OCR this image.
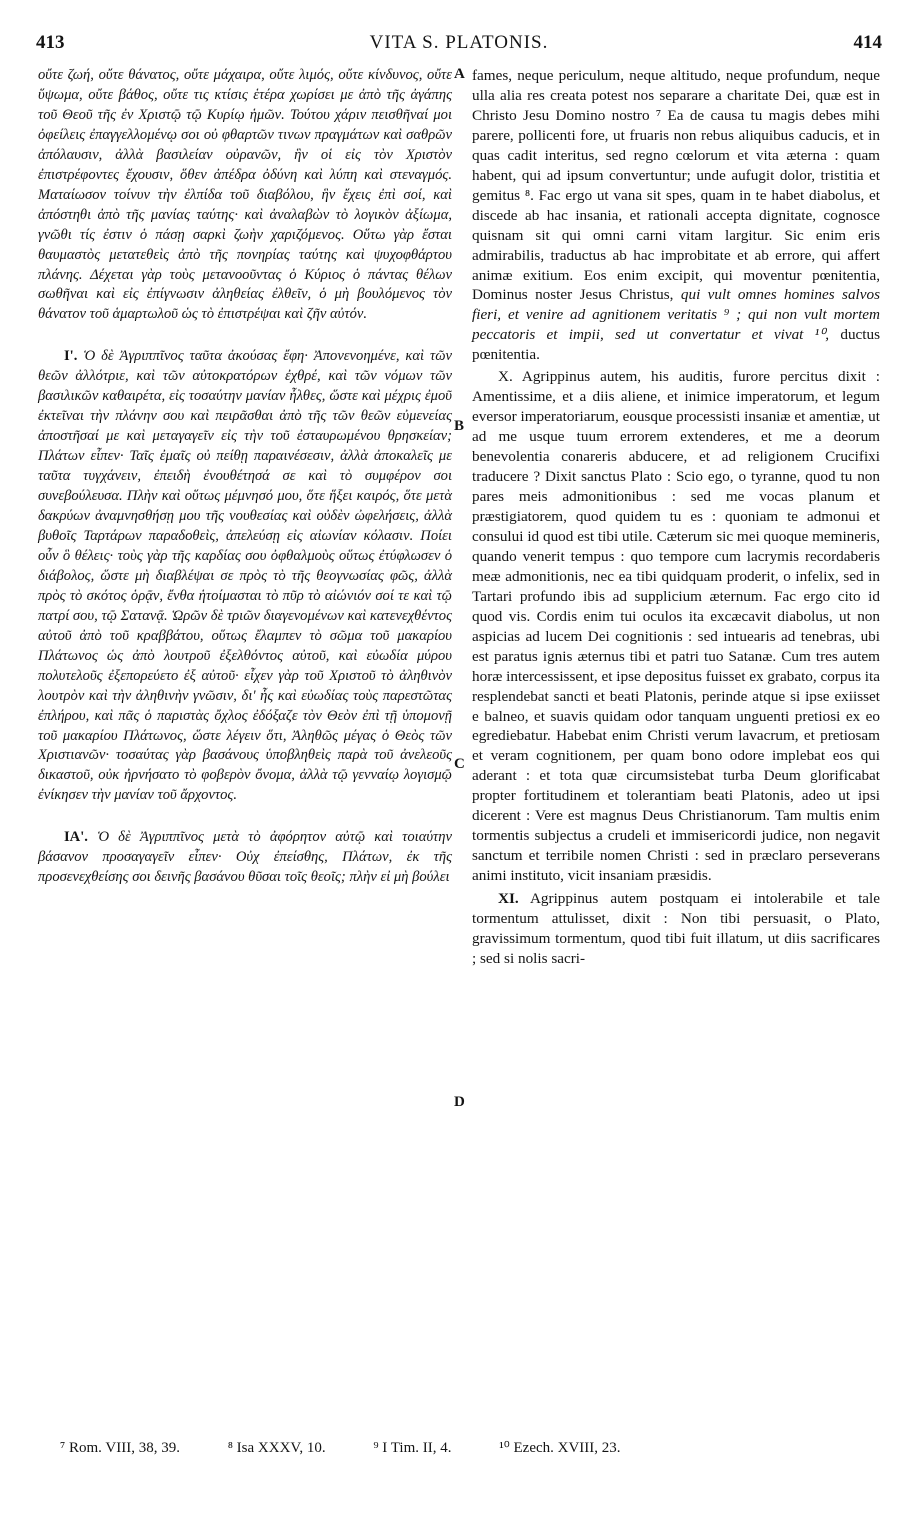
413	VITA S. PLATONIS.	414

οὔτε ζωή, οὔτε θάνατος, οὔτε μάχαιρα, οὔτε λιμός, οὔτε κίνδυνος, οὔτε ὕψωμα, οὔτε βάθος, οὔτε τις κτίσις ἑτέρα χωρίσει με ἀπὸ τῆς ἀγάπης τοῦ Θεοῦ τῆς ἐν Χριστῷ τῷ Κυρίῳ ἡμῶν. Τούτου χάριν πεισθῆναί μοι ὀφείλεις ἐπαγγελλομένῳ σοι οὐ φθαρτῶν τινων πραγμάτων καὶ σαθρῶν ἀπόλαυσιν, ἀλλὰ βασιλείαν οὐρανῶν, ἣν οἱ εἰς τὸν Χριστὸν ἐπιστρέφοντες ἔχουσιν, ὅθεν ἀπέδρα ὀδύνη καὶ λύπη καὶ στεναγμός. Ματαίωσον τοίνυν τὴν ἐλπίδα τοῦ διαβόλου, ἣν ἔχεις ἐπὶ σοί, καὶ ἀπόστηθι ἀπὸ τῆς μανίας ταύτης· καὶ ἀναλαβὼν τὸ λογικὸν ἀξίωμα, γνῶθι τίς ἐστιν ὁ πάσῃ σαρκὶ ζωὴν χαριζόμενος. Οὕτω γὰρ ἔσται θαυμαστὸς μετατεθεὶς ἀπὸ τῆς πονηρίας ταύτης καὶ ψυχοφθάρτου πλάνης. Δέχεται γὰρ τοὺς μετανοοῦντας ὁ Κύριος ὁ πάντας θέλων σωθῆναι καὶ εἰς ἐπίγνωσιν ἀληθείας ἐλθεῖν, ὁ μὴ βουλόμενος τὸν θάνατον τοῦ ἁμαρτωλοῦ ὡς τὸ ἐπιστρέψαι καὶ ζῆν αὐτόν.

Ι'. Ὁ δὲ Ἀγριππῖνος ταῦτα ἀκούσας ἔφη· Ἀπονενοημένε, καὶ τῶν θεῶν ἀλλότριε, καὶ τῶν αὐτοκρατόρων ἐχθρέ, καὶ τῶν νόμων τῶν βασιλικῶν καθαιρέτα, εἰς τοσαύτην μανίαν ἦλθες, ὥστε καὶ μέχρις ἐμοῦ ἐκτεῖναι τὴν πλάνην σου καὶ πειρᾶσθαι ἀπὸ τῆς τῶν θεῶν εὐμενείας ἀποστῆσαί με καὶ μεταγαγεῖν εἰς τὴν τοῦ ἐσταυρωμένου θρησκείαν; Πλάτων εἶπεν· Ταῖς ἐμαῖς οὐ πείθῃ παραινέσεσιν, ἀλλὰ ἀποκαλεῖς με ταῦτα τυγχάνειν, ἐπειδὴ ἐνουθέτησά σε καὶ τὸ συμφέρον σοι συνεβούλευσα. Πλὴν καὶ οὕτως μέμνησό μου, ὅτε ἥξει καιρός, ὅτε μετὰ δακρύων ἀναμνησθήσῃ μου τῆς νουθεσίας καὶ οὐδὲν ὠφελήσεις, ἀλλὰ βυθοῖς Ταρτάρων παραδοθεὶς, ἀπελεύσῃ εἰς αἰωνίαν κόλασιν. Ποίει οὖν ὃ θέλεις· τοὺς γὰρ τῆς καρδίας σου ὀφθαλμοὺς οὕτως ἐτύφλωσεν ὁ διάβολος, ὥστε μὴ διαβλέψαι σε πρὸς τὸ τῆς θεογνωσίας φῶς, ἀλλὰ πρὸς τὸ σκότος ὁρᾷν, ἔνθα ἡτοίμασται τὸ πῦρ τὸ αἰώνιόν σοί τε καὶ τῷ πατρί σου, τῷ Σατανᾷ. Ὡρῶν δὲ τριῶν διαγενομένων καὶ κατενεχθέντος αὐτοῦ ἀπὸ τοῦ κραββάτου, οὕτως ἔλαμπεν τὸ σῶμα τοῦ μακαρίου Πλάτωνος ὡς ἀπὸ λουτροῦ ἐξελθόντος αὐτοῦ, καὶ εὐωδία μύρου πολυτελοῦς ἐξεπορεύετο ἐξ αὐτοῦ· εἶχεν γὰρ τοῦ Χριστοῦ τὸ ἀληθινὸν λουτρὸν καὶ τὴν ἀληθινὴν γνῶσιν, δι' ἧς καὶ εὐωδίας τοὺς παρεστῶτας ἐπλήρου, καὶ πᾶς ὁ παριστὰς ὄχλος ἐδόξαζε τὸν Θεὸν ἐπὶ τῇ ὑπομονῇ τοῦ μακαρίου Πλάτωνος, ὥστε λέγειν ὅτι, Ἀληθῶς μέγας ὁ Θεὸς τῶν Χριστιανῶν· τοσαύτας γὰρ βασάνους ὑποβληθεὶς παρὰ τοῦ ἀνελεοῦς δικαστοῦ, οὐκ ἠρνήσατο τὸ φοβερὸν ὄνομα, ἀλλὰ τῷ γενναίῳ λογισμῷ ἐνίκησεν τὴν μανίαν τοῦ ἄρχοντος.

ΙΑ'. Ὁ δὲ Ἀγριππῖνος μετὰ τὸ ἀφόρητον αὐτῷ καὶ τοιαύτην βάσανον προσαγαγεῖν εἶπεν· Οὐχ ἐπείσθης, Πλάτων, ἐκ τῆς προσενεχθείσης σοι δεινῆς βασάνου θῦσαι τοῖς θεοῖς; πλὴν εἰ μὴ βούλει

fames, neque periculum, neque altitudo, neque profundum, neque ulla alia res creata potest nos separare a charitate Dei, quæ est in Christo Jesu Domino nostro ⁷ Ea de causa tu magis debes mihi parere, pollicenti fore, ut fruaris non rebus aliquibus caducis, et in quas cadit interitus, sed regno cœlorum et vita æterna : quam habent, qui ad ipsum convertuntur; unde aufugit dolor, tristitia et gemitus ⁸. Fac ergo ut vana sit spes, quam in te habet diabolus, et discede ab hac insania, et rationali accepta dignitate, cognosce quisnam sit qui omni carni vitam largitur. Sic enim eris admirabilis, traductus ab hac improbitate et ab errore, qui affert animæ exitium. Eos enim excipit, qui moventur pœnitentia, Dominus noster Jesus Christus, qui vult omnes homines salvos fieri, et venire ad agnitionem veritatis ⁹ ; qui non vult mortem peccatoris et impii, sed ut convertatur et vivat ¹⁰, ductus pœnitentia.

X. Agrippinus autem, his auditis, furore percitus dixit : Amentissime, et a diis aliene, et inimice imperatorum, et legum eversor imperatoriarum, eousque processisti insaniæ et amentiæ, ut ad me usque tuum errorem extenderes, et me a deorum benevolentia conareris abducere, et ad religionem Crucifixi traducere ? Dixit sanctus Plato : Scio ego, o tyranne, quod tu non pares meis admonitionibus : sed me vocas planum et præstigiatorem, quod quidem tu es : quoniam te admonui et consului id quod est tibi utile. Cæterum sic mei quoque memineris, quando venerit tempus : quo tempore cum lacrymis recordaberis meæ admonitionis, nec ea tibi quidquam proderit, o infelix, sed in Tartari profundo ibis ad supplicium æternum. Fac ergo cito id quod vis. Cordis enim tui oculos ita excæcavit diabolus, ut non aspicias ad lucem Dei cognitionis : sed intuearis ad tenebras, ubi est paratus ignis æternus tibi et patri tuo Satanæ. Cum tres autem horæ intercessissent, et ipse depositus fuisset ex grabato, corpus ita resplendebat sancti et beati Platonis, perinde atque si ipse exiisset e balneo, et suavis quidam odor tanquam unguenti pretiosi ex eo egrediebatur. Habebat enim Christi verum lavacrum, et pretiosam et veram cognitionem, per quam bono odore implebat eos qui aderant : et tota quæ circumsistebat turba Deum glorificabat propter fortitudinem et tolerantiam beati Platonis, adeo ut ipsi dicerent : Vere est magnus Deus Christianorum. Tam multis enim tormentis subjectus a crudeli et immisericordi judice, non negavit sanctum et terribile nomen Christi : sed in præclaro perseverans animi instituto, vicit insaniam præsidis.

XI. Agrippinus autem postquam ei intolerabile et tale tormentum attulisset, dixit : Non tibi persuasit, o Plato, gravissimum tormentum, quod tibi fuit illatum, ut diis sacrificares ; sed si nolis sacri-

A
B
C
D
⁷ Rom. VIII, 38, 39.	⁸ Isa XXXV, 10.	⁹ I Tim. II, 4.	¹⁰ Ezech. XVIII, 23.
